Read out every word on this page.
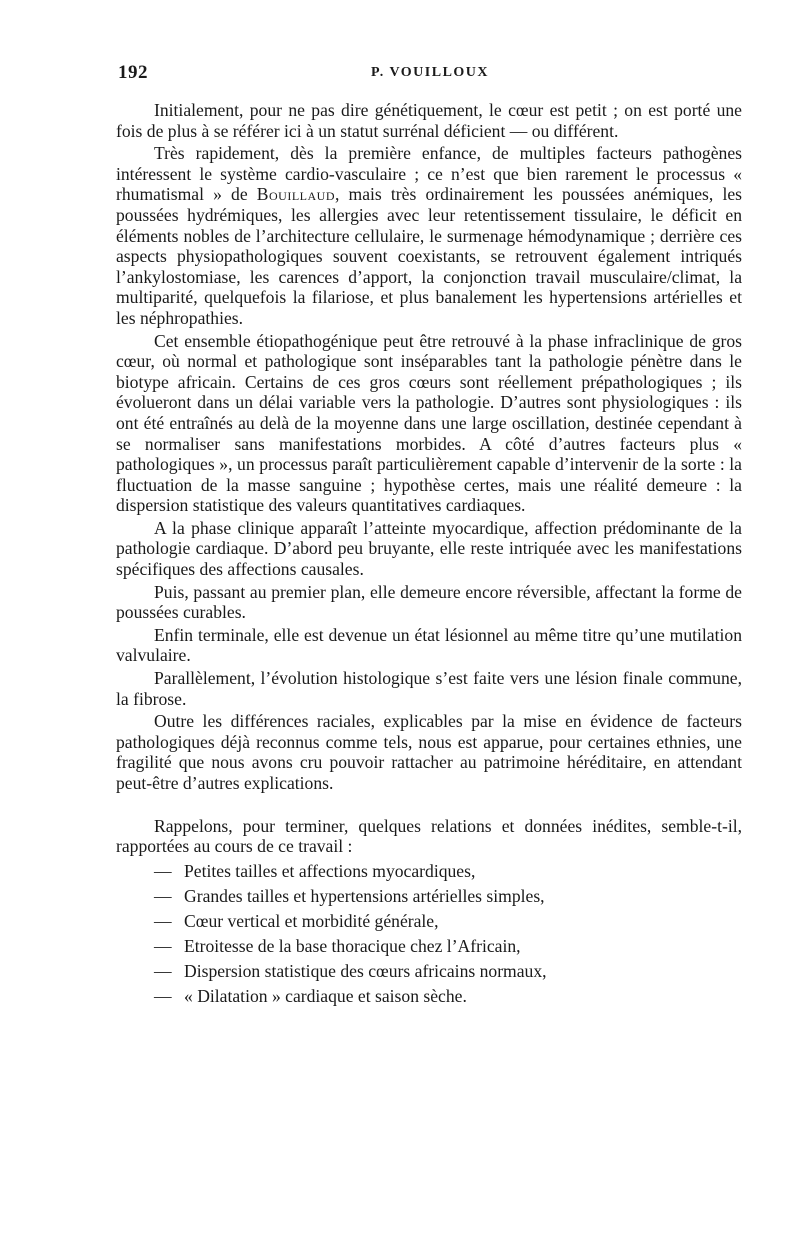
192	P. VOUILLOUX

Initialement, pour ne pas dire génétiquement, le cœur est petit ; on est porté une fois de plus à se référer ici à un statut surrénal déficient — ou différent.

Très rapidement, dès la première enfance, de multiples facteurs pathogènes intéressent le système cardio-vasculaire ; ce n’est que bien rarement le processus « rhumatismal » de Bouillaud, mais très ordinairement les poussées anémiques, les poussées hydrémiques, les allergies avec leur retentissement tissulaire, le déficit en éléments nobles de l’architecture cellulaire, le surmenage hémodynamique ; derrière ces aspects physiopathologiques souvent coexistants, se retrouvent également intriqués l’ankylostomiase, les carences d’apport, la conjonction travail musculaire/climat, la multiparité, quelquefois la filariose, et plus banalement les hypertensions artérielles et les néphropathies.

Cet ensemble étiopathogénique peut être retrouvé à la phase infraclinique de gros cœur, où normal et pathologique sont inséparables tant la pathologie pénètre dans le biotype africain. Certains de ces gros cœurs sont réellement prépathologiques ; ils évolueront dans un délai variable vers la pathologie. D’autres sont physiologiques : ils ont été entraînés au delà de la moyenne dans une large oscillation, destinée cependant à se normaliser sans manifestations morbides. A côté d’autres facteurs plus « pathologiques », un processus paraît particulièrement capable d’intervenir de la sorte : la fluctuation de la masse sanguine ; hypothèse certes, mais une réalité demeure : la dispersion statistique des valeurs quantitatives cardiaques.

A la phase clinique apparaît l’atteinte myocardique, affection prédominante de la pathologie cardiaque. D’abord peu bruyante, elle reste intriquée avec les manifestations spécifiques des affections causales.

Puis, passant au premier plan, elle demeure encore réversible, affectant la forme de poussées curables.

Enfin terminale, elle est devenue un état lésionnel au même titre qu’une mutilation valvulaire.

Parallèlement, l’évolution histologique s’est faite vers une lésion finale commune, la fibrose.

Outre les différences raciales, explicables par la mise en évidence de facteurs pathologiques déjà reconnus comme tels, nous est apparue, pour certaines ethnies, une fragilité que nous avons cru pouvoir rattacher au patrimoine héréditaire, en attendant peut-être d’autres explications.

Rappelons, pour terminer, quelques relations et données inédites, semble-t-il, rapportées au cours de ce travail :

— Petites tailles et affections myocardiques,
— Grandes tailles et hypertensions artérielles simples,
— Cœur vertical et morbidité générale,
— Etroitesse de la base thoracique chez l’Africain,
— Dispersion statistique des cœurs africains normaux,
— « Dilatation » cardiaque et saison sèche.
